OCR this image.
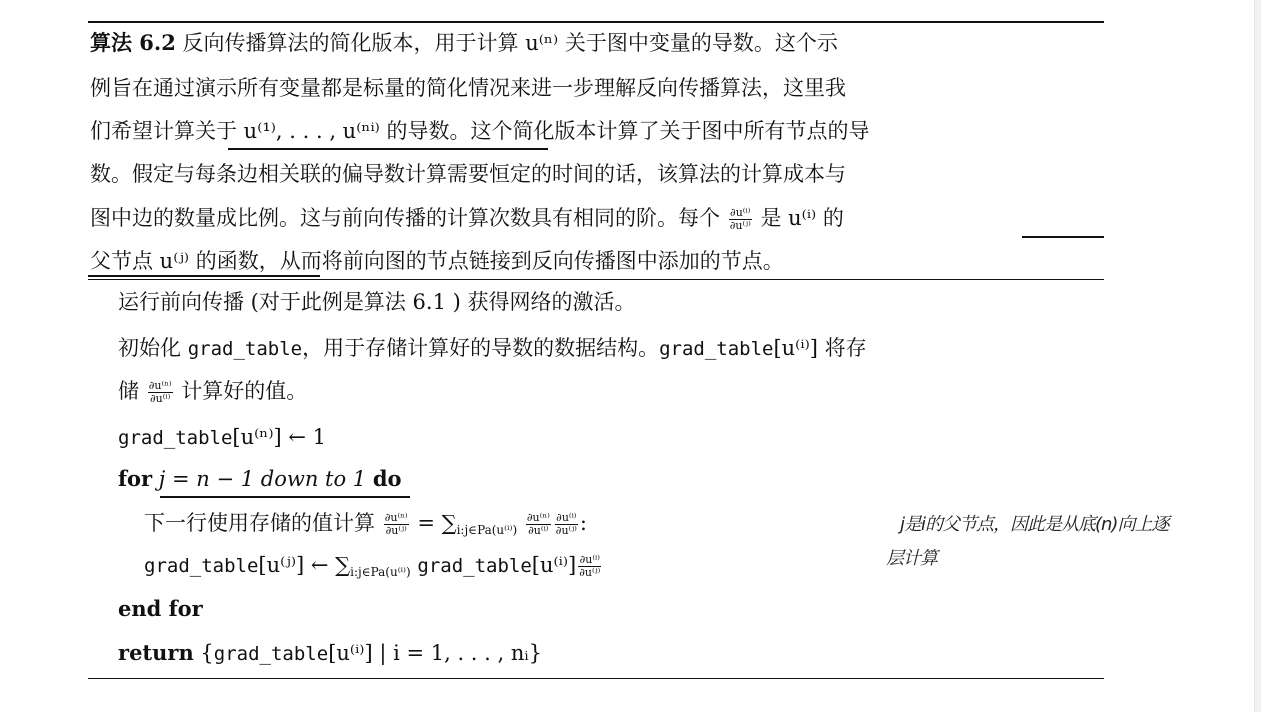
算法 6.2 反向传播算法的简化版本，用于计算 u⁽ⁿ⁾ 关于图中变量的导数。这个示
例旨在通过演示所有变量都是标量的简化情况来进一步理解反向传播算法，这里我
们希望计算关于 u⁽¹⁾, . . . , u⁽ⁿⁱ⁾ 的导数。这个简化版本计算了关于图中所有节点的导
数。假定与每条边相关联的偏导数计算需要恒定的时间的话，该算法的计算成本与
图中边的数量成比例。这与前向传播的计算次数具有相同的阶。每个 $\frac{\text{∂u⁽ⁱ⁾}}{\text{∂u⁽ʲ⁾}}$ 是 u⁽ⁱ⁾ 的
父节点 u⁽ʲ⁾ 的函数，从而将前向图的节点链接到反向传播图中添加的节点。
运行前向传播 (对于此例是算法 6.1 ) 获得网络的激活。
初始化 grad_table，用于存储计算好的导数的数据结构。grad_table[u⁽ⁱ⁾] 将存
储 $\frac{\text{∂u⁽ⁿ⁾}}{\text{∂u⁽ⁱ⁾}}$ 计算好的值。
grad_table[u⁽ⁿ⁾] ← 1
for j = n − 1 down to 1 do
下一行使用存储的值计算 $\frac{\text{∂u⁽ⁿ⁾}}{\text{∂u⁽ʲ⁾}} = \sum_{i:j\in Pa(u^{(i)})} \frac{\text{∂u⁽ⁿ⁾}}{\text{∂u⁽ⁱ⁾}} \frac{\text{∂u⁽ⁱ⁾}}{\text{∂u⁽ʲ⁾}}$ :
grad_table[u⁽ʲ⁾] ← $\sum_{i:j\in Pa(u^{(i)})}$ grad_table[u⁽ⁱ⁾] $\frac{\text{∂u⁽ⁱ⁾}}{\text{∂u⁽ʲ⁾}}$
end for
return {grad_table[u⁽ⁱ⁾] | i = 1, . . . , nᵢ}
j是i的父节点，因此是从底(n)向上逐
层计算
